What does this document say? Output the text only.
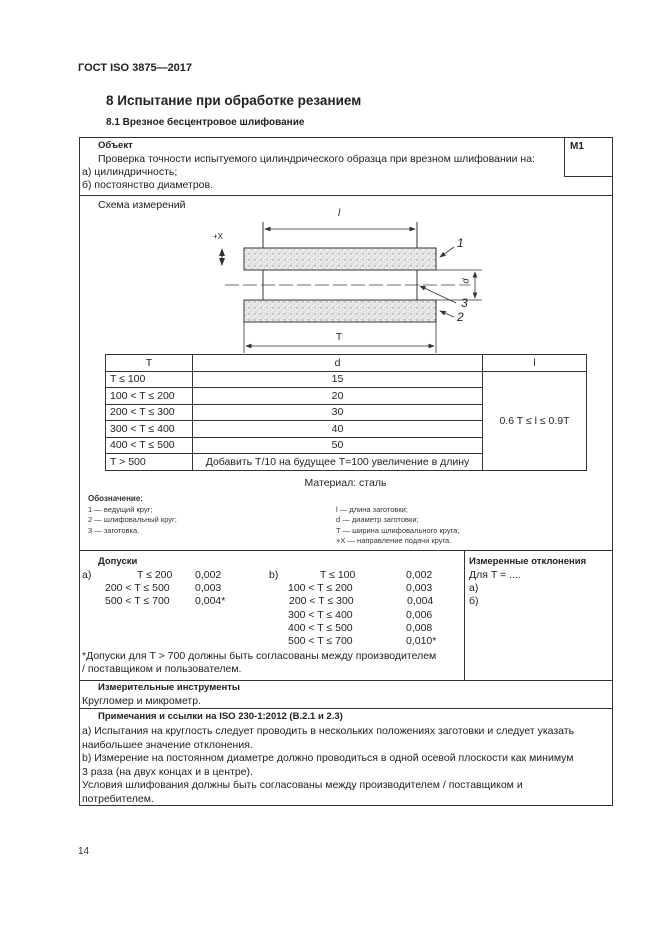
ГОСТ ISO 3875—2017
8 Испытание при обработке резанием
8.1 Врезное бесцентровое шлифование
Объект
Проверка точности испытуемого цилиндрического образца при врезном шлифовании на:
а) цилиндричность;
б) постоянство диаметров.
M1
Схема измерений
l
+X	1
3
2
d
T
T	d	l
T ≤ 100	15	0.6 T ≤ l ≤ 0.9T
100 < T ≤ 200	20	
200 < T ≤ 300	30	
300 < T ≤ 400	40	
400 < T ≤ 500	50	
T > 500	Добавить T/10 на будущее T=100 увеличение в длину	
Материал: сталь
Обозначение:
1 — ведущий круг;
2 — шлифовальный круг;
3 — заготовка.
l — длина заготовки;
d — диаметр заготовки;
T — ширина шлифовального круга;
+X — направление подачи круга.
Допуски
a)	T ≤ 200 0,002
200 < T ≤ 500 0,003
500 < T ≤ 700 0,004*
b)	T ≤ 100	0,002
100 < T ≤ 200	0,003
200 < T ≤ 300	0,004
300 < T ≤ 400	0,006
400 < T ≤ 500	0,008
500 < T ≤ 700	0,010*
*Допуски для T > 700 должны быть согласованы между производителем
/ поставщиком и пользователем.
Измеренные отклонения
Для T = ....
а)
б)
Измерительные инструменты
Кругломер и микрометр.
Примечания и ссылки на ISO 230-1:2012 (B.2.1 и 2.3)
а) Испытания на круглость следует проводить в нескольких положениях заготовки и следует указать
наибольшее значение отклонения.
b) Измерение на постоянном диаметре должно проводиться в одной осевой плоскости как минимум
3 раза (на двух концах и в центре).
Условия шлифования должны быть согласованы между производителем / поставщиком и
потребителем.
14
